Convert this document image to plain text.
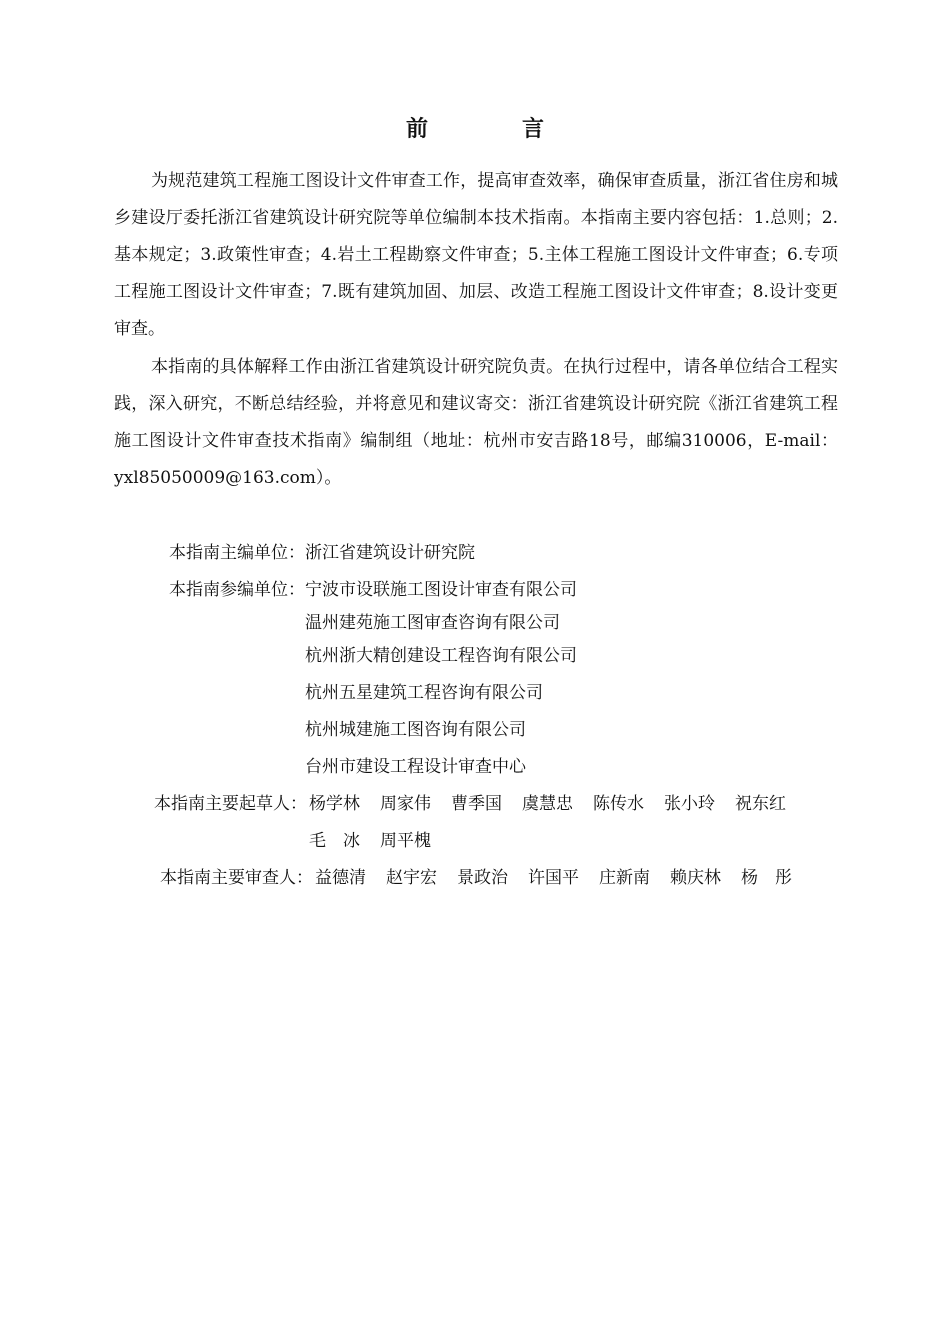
前　言

为规范建筑工程施工图设计文件审查工作，提高审查效率，确保审查质量，浙江省住房和城乡建设厅委托浙江省建筑设计研究院等单位编制本技术指南。本指南主要内容包括：1.总则；2.基本规定；3.政策性审查；4.岩土工程勘察文件审查；5.主体工程施工图设计文件审查；6.专项工程施工图设计文件审查；7.既有建筑加固、加层、改造工程施工图设计文件审查；8.设计变更审查。

本指南的具体解释工作由浙江省建筑设计研究院负责。在执行过程中，请各单位结合工程实践，深入研究，不断总结经验，并将意见和建议寄交：浙江省建筑设计研究院《浙江省建筑工程施工图设计文件审查技术指南》编制组（地址：杭州市安吉路18号，邮编310006，E-mail：yxl85050009@163.com）。

本指南主编单位： 浙江省建筑设计研究院
本指南参编单位： 宁波市设联施工图设计审查有限公司
温州建苑施工图审查咨询有限公司
杭州浙大精创建设工程咨询有限公司
杭州五星建筑工程咨询有限公司
杭州城建施工图咨询有限公司
台州市建设工程设计审查中心
本指南主要起草人： 杨学林 周家伟 曹季国 虞慧忠 陈传水 张小玲 祝东红
毛　冰 周平槐
本指南主要审查人： 益德清 赵宇宏 景政治 许国平 庄新南 赖庆林 杨　彤
